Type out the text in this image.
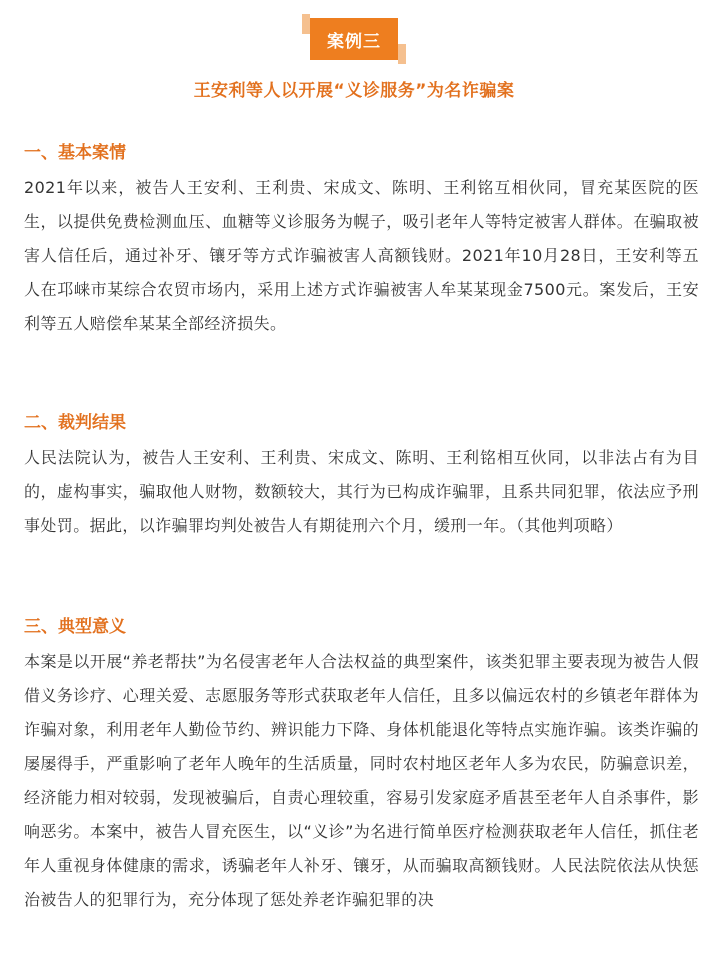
案例三
王安利等人以开展“义诊服务”为名诈骗案

一、基本案情

2021年以来，被告人王安利、王利贵、宋成文、陈明、王利铭互相伙同，冒充某医院的医生，以提供免费检测血压、血糖等义诊服务为幌子，吸引老年人等特定被害人群体。在骗取被害人信任后，通过补牙、镶牙等方式诈骗被害人高额钱财。2021年10月28日，王安利等五人在邛崃市某综合农贸市场内，采用上述方式诈骗被害人牟某某现金7500元。案发后，王安利等五人赔偿牟某某全部经济损失。

二、裁判结果

人民法院认为，被告人王安利、王利贵、宋成文、陈明、王利铭相互伙同，以非法占有为目的，虚构事实，骗取他人财物，数额较大，其行为已构成诈骗罪，且系共同犯罪，依法应予刑事处罚。据此，以诈骗罪均判处被告人有期徒刑六个月，缓刑一年。（其他判项略）

三、典型意义

本案是以开展“养老帮扶”为名侵害老年人合法权益的典型案件，该类犯罪主要表现为被告人假借义务诊疗、心理关爱、志愿服务等形式获取老年人信任，且多以偏远农村的乡镇老年群体为诈骗对象，利用老年人勤俭节约、辨识能力下降、身体机能退化等特点实施诈骗。该类诈骗的屡屡得手，严重影响了老年人晚年的生活质量，同时农村地区老年人多为农民，防骗意识差，经济能力相对较弱，发现被骗后，自责心理较重，容易引发家庭矛盾甚至老年人自杀事件，影响恶劣。本案中，被告人冒充医生，以“义诊”为名进行简单医疗检测获取老年人信任，抓住老年人重视身体健康的需求，诱骗老年人补牙、镶牙，从而骗取高额钱财。人民法院依法从快惩治被告人的犯罪行为，充分体现了惩处养老诈骗犯罪的决
